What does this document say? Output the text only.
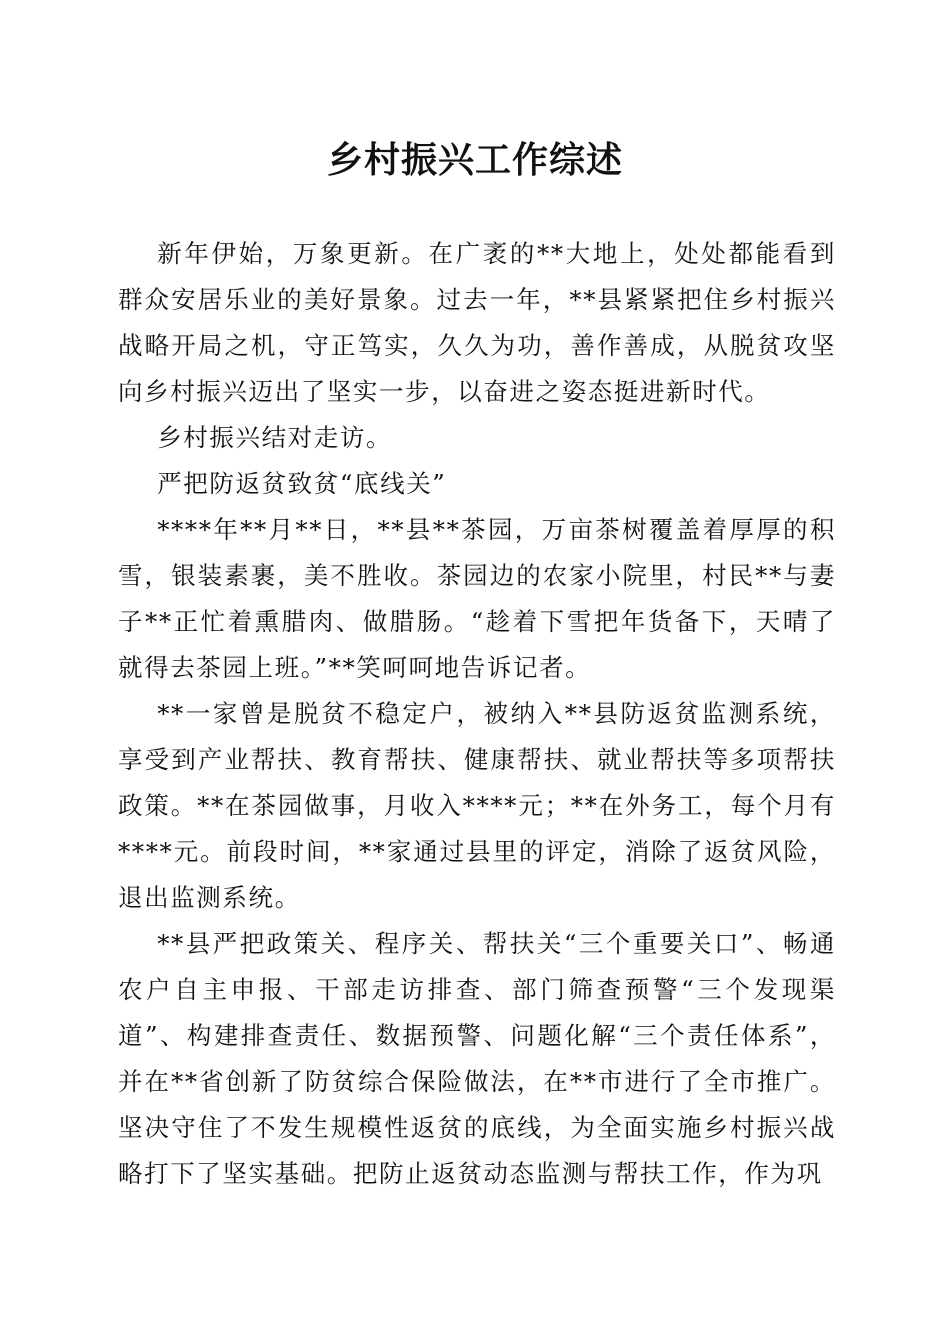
乡村振兴工作综述

新年伊始，万象更新。在广袤的**大地上，处处都能看到群众安居乐业的美好景象。过去一年，**县紧紧把住乡村振兴战略开局之机，守正笃实，久久为功，善作善成，从脱贫攻坚向乡村振兴迈出了坚实一步，以奋进之姿态挺进新时代。

乡村振兴结对走访。

严把防返贫致贫“底线关”

****年**月**日，**县**茶园，万亩茶树覆盖着厚厚的积雪，银装素裹，美不胜收。茶园边的农家小院里，村民**与妻子**正忙着熏腊肉、做腊肠。“趁着下雪把年货备下，天晴了就得去茶园上班。”**笑呵呵地告诉记者。

**一家曾是脱贫不稳定户，被纳入**县防返贫监测系统，享受到产业帮扶、教育帮扶、健康帮扶、就业帮扶等多项帮扶政策。**在茶园做事，月收入****元；**在外务工，每个月有****元。前段时间，**家通过县里的评定，消除了返贫风险，退出监测系统。

**县严把政策关、程序关、帮扶关“三个重要关口”、畅通农户自主申报、干部走访排查、部门筛查预警“三个发现渠道”、构建排查责任、数据预警、问题化解“三个责任体系”，并在**省创新了防贫综合保险做法，在**市进行了全市推广。坚决守住了不发生规模性返贫的底线，为全面实施乡村振兴战略打下了坚实基础。把防止返贫动态监测与帮扶工作，作为巩
